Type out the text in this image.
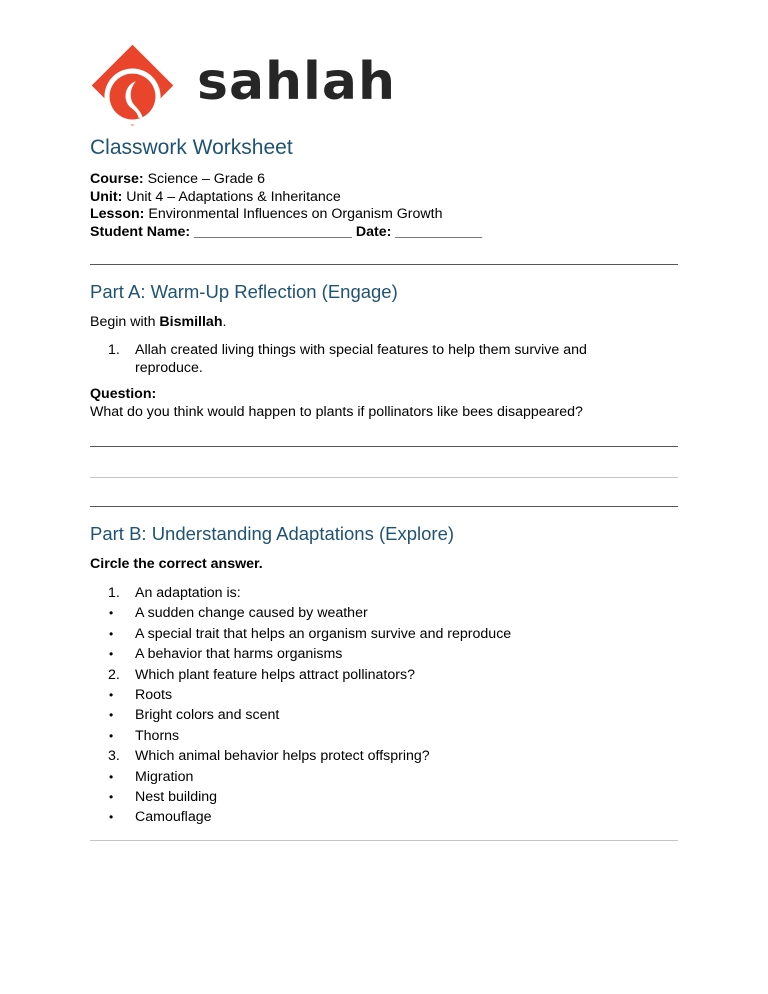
sahlah
Classwork Worksheet
Course: Science – Grade 6
Unit: Unit 4 – Adaptations & Inheritance
Lesson: Environmental Influences on Organism Growth
Student Name: ____________________ Date: ___________
Part A: Warm-Up Reflection (Engage)
Begin with Bismillah.
1.	Allah created living things with special features to help them survive and reproduce.
Question:
What do you think would happen to plants if pollinators like bees disappeared?
Part B: Understanding Adaptations (Explore)
Circle the correct answer.
1.	An adaptation is:
•	A sudden change caused by weather
•	A special trait that helps an organism survive and reproduce
•	A behavior that harms organisms
2.	Which plant feature helps attract pollinators?
•	Roots
•	Bright colors and scent
•	Thorns
3.	Which animal behavior helps protect offspring?
•	Migration
•	Nest building
•	Camouflage
